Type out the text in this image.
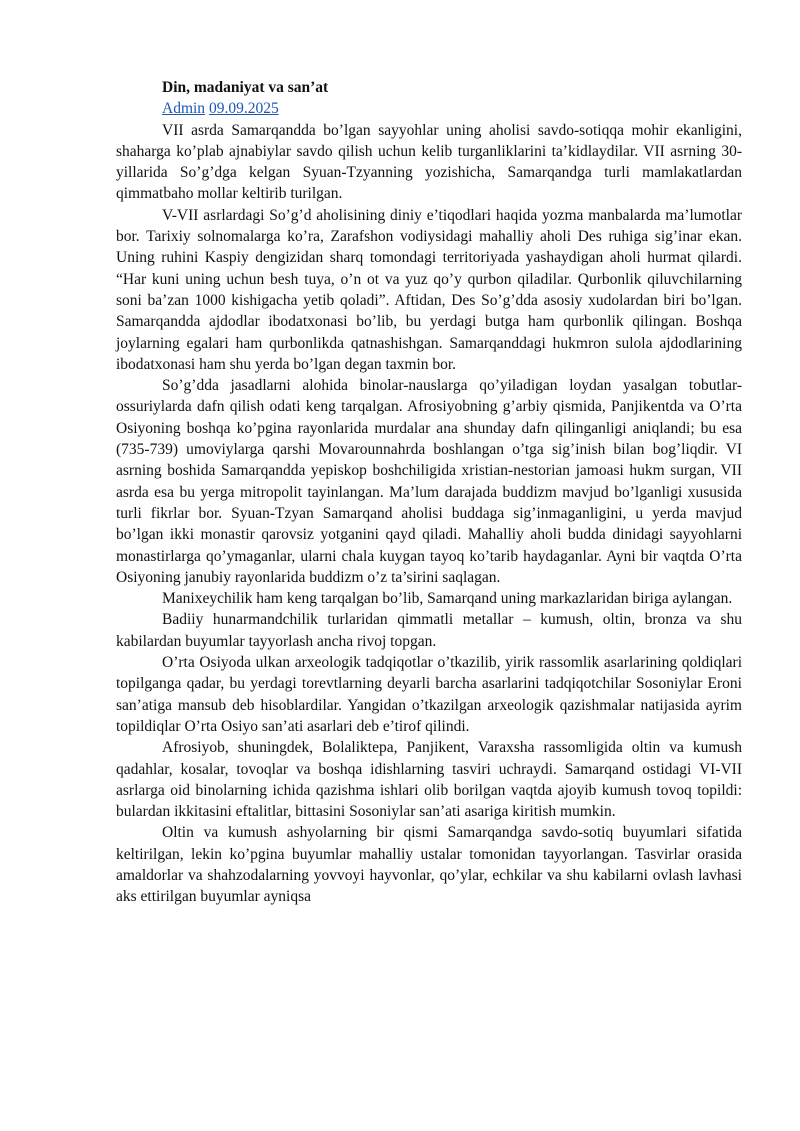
Din, madaniyat va san’at

Admin 09.09.2025

VII asrda Samarqandda bo’lgan sayyohlar uning aholisi savdo-sotiqqa mohir ekanligini, shaharga ko’plab ajnabiylar savdo qilish uchun kelib turganliklarini ta’kidlaydilar. VII asrning 30-yillarida So’g’dga kelgan Syuan-Tzyanning yozishicha, Samarqandga turli mamlakatlardan qimmatbaho mollar keltirib turilgan.

V-VII asrlardagi So’g’d aholisining diniy e’tiqodlari haqida yozma manbalarda ma’lumotlar bor. Tarixiy solnomalarga ko’ra, Zarafshon vodiysidagi mahalliy aholi Des ruhiga sig’inar ekan. Uning ruhini Kaspiy dengizidan sharq tomondagi territoriyada yashaydigan aholi hurmat qilardi. “Har kuni uning uchun besh tuya, o’n ot va yuz qo’y qurbon qiladilar. Qurbonlik qiluvchilarning soni ba’zan 1000 kishigacha yetib qoladi”. Aftidan, Des So’g’dda asosiy xudolardan biri bo’lgan. Samarqandda ajdodlar ibodatxonasi bo’lib, bu yerdagi butga ham qurbonlik qilingan. Boshqa joylarning egalari ham qurbonlikda qatnashishgan. Samarqanddagi hukmron sulola ajdodlarining ibodatxonasi ham shu yerda bo’lgan degan taxmin bor.

So’g’dda jasadlarni alohida binolar-nauslarga qo’yiladigan loydan yasalgan tobutlar-ossuriylarda dafn qilish odati keng tarqalgan. Afrosiyobning g’arbiy qismida, Panjikentda va O’rta Osiyoning boshqa ko’pgina rayonlarida murdalar ana shunday dafn qilinganligi aniqlandi; bu esa (735-739) umoviylarga qarshi Movarounnahrda boshlangan o’tga sig’inish bilan bog’liqdir. VI asrning boshida Samarqandda yepiskop boshchiligida xristian-nestorian jamoasi hukm surgan, VII asrda esa bu yerga mitropolit tayinlangan. Ma’lum darajada buddizm mavjud bo’lganligi xususida turli fikrlar bor. Syuan-Tzyan Samarqand aholisi buddaga sig’inmaganligini, u yerda mavjud bo’lgan ikki monastir qarovsiz yotganini qayd qiladi. Mahalliy aholi budda dinidagi sayyohlarni monastirlarga qo’ymaganlar, ularni chala kuygan tayoq ko’tarib haydaganlar. Ayni bir vaqtda O’rta Osiyoning janubiy rayonlarida buddizm o’z ta’sirini saqlagan.

Manixeychilik ham keng tarqalgan bo’lib, Samarqand uning markazlaridan biriga aylangan.

Badiiy hunarmandchilik turlaridan qimmatli metallar – kumush, oltin, bronza va shu kabilardan buyumlar tayyorlash ancha rivoj topgan.

O’rta Osiyoda ulkan arxeologik tadqiqotlar o’tkazilib, yirik rassomlik asarlarining qoldiqlari topilganga qadar, bu yerdagi torevtlarning deyarli barcha asarlarini tadqiqotchilar Sosoniylar Eroni san’atiga mansub deb hisoblardilar. Yangidan o’tkazilgan arxeologik qazishmalar natijasida ayrim topildiqlar O’rta Osiyo san’ati asarlari deb e’tirof qilindi.

Afrosiyob, shuningdek, Bolaliktepa, Panjikent, Varaxsha rassomligida oltin va kumush qadahlar, kosalar, tovoqlar va boshqa idishlarning tasviri uchraydi. Samarqand ostidagi VI-VII asrlarga oid binolarning ichida qazishma ishlari olib borilgan vaqtda ajoyib kumush tovoq topildi: bulardan ikkitasini eftalitlar, bittasini Sosoniylar san’ati asariga kiritish mumkin.

Oltin va kumush ashyolarning bir qismi Samarqandga savdo-sotiq buyumlari sifatida keltirilgan, lekin ko’pgina buyumlar mahalliy ustalar tomonidan tayyorlangan. Tasvirlar orasida amaldorlar va shahzodalarning yovvoyi hayvonlar, qo’ylar, echkilar va shu kabilarni ovlash lavhasi aks ettirilgan buyumlar ayniqsa
